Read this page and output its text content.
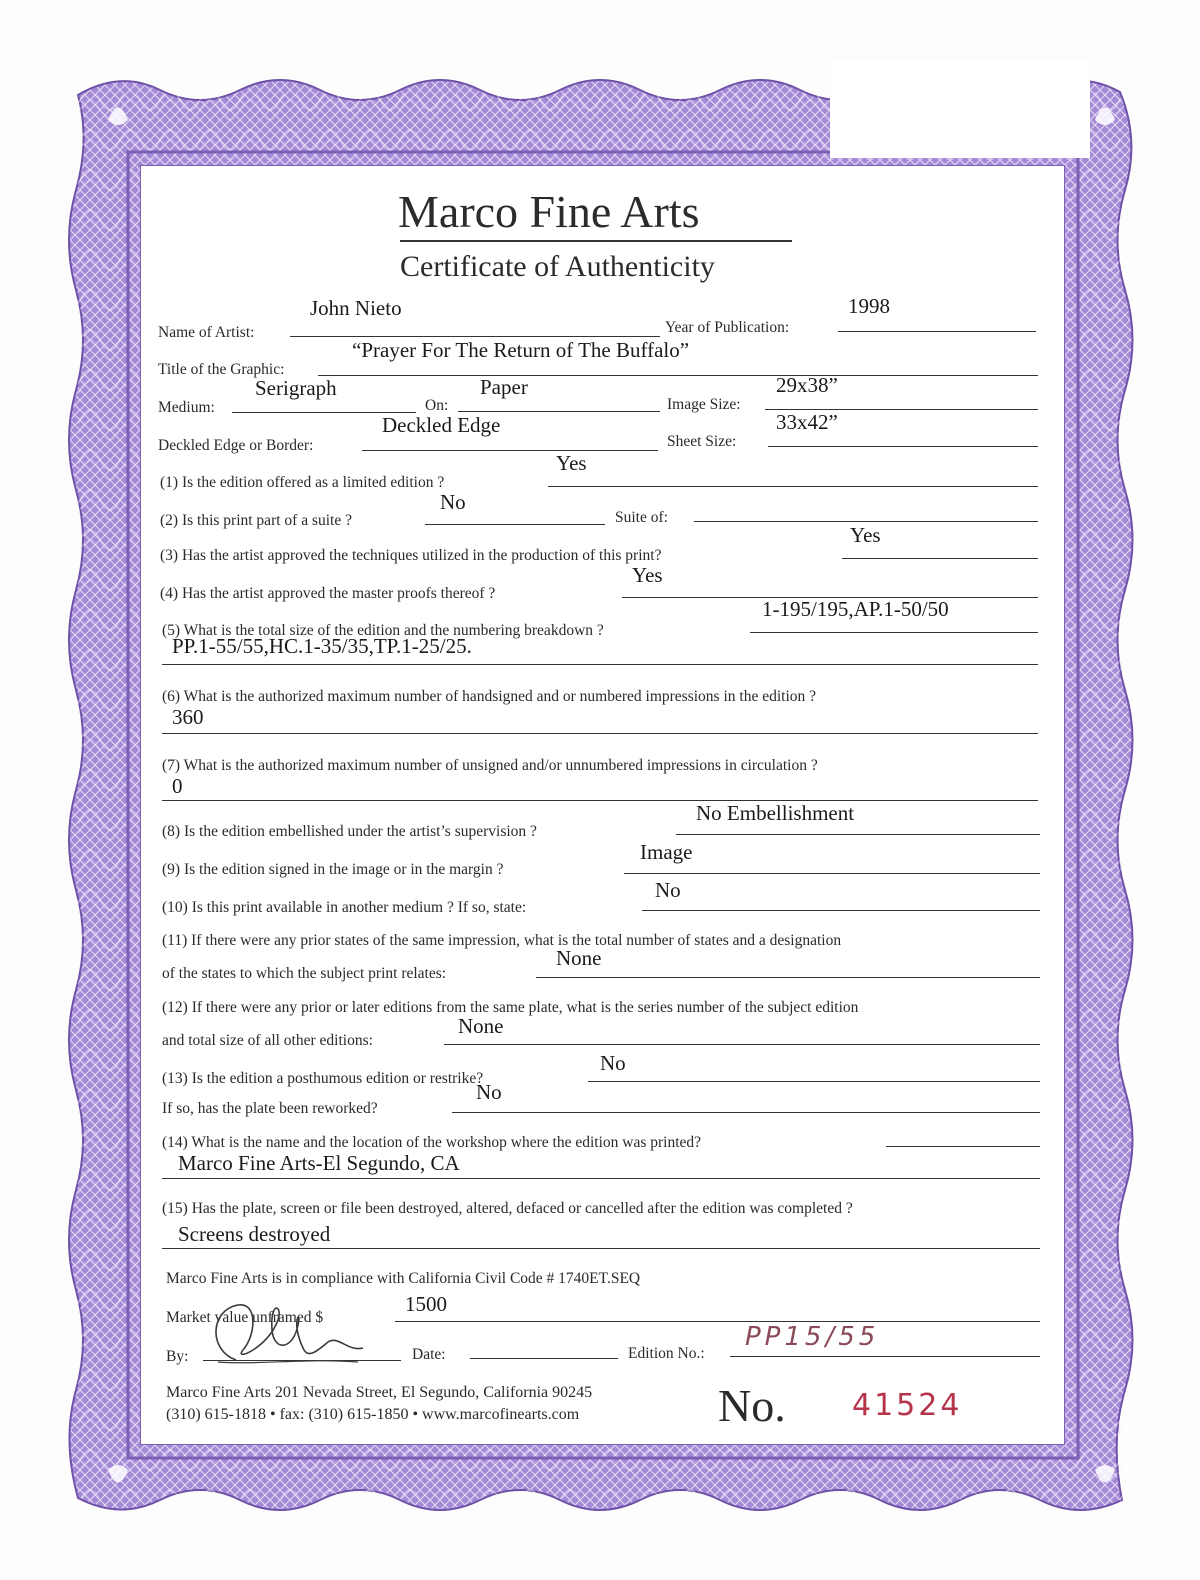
Marco Fine Arts
Certificate of Authenticity
Name of Artist:
John Nieto
Year of Publication:
1998
Title of the Graphic:
“Prayer For The Return of The Buffalo”
Medium:
Serigraph
On:
Paper
Image Size:
29x38”
Deckled Edge or Border:
Deckled Edge
Sheet Size:
33x42”
(1) Is the edition offered as a limited edition ?
Yes
(2) Is this print part of a suite ?
No
Suite of:
(3) Has the artist approved the techniques utilized in the production of this print?
Yes
(4) Has the artist approved the master proofs thereof ?
Yes
(5) What is the total size of the edition and the numbering breakdown ?
1-195/195,AP.1-50/50
PP.1-55/55,HC.1-35/35,TP.1-25/25.
(6) What is the authorized maximum number of handsigned and or numbered impressions in the edition ?
360
(7) What is the authorized maximum number of unsigned and/or unnumbered impressions in circulation ?
0
(8) Is the edition embellished under the artist’s supervision ?
No Embellishment
(9) Is the edition signed in the image or in the margin ?
Image
(10) Is this print available in another medium ? If so, state:
No
(11) If there were any prior states of the same impression, what is the total number of states and a designation
of the states to which the subject print relates:
None
(12) If there were any prior or later editions from the same plate, what is the series number of the subject edition
and total size of all other editions:
None
(13) Is the edition a posthumous edition or restrike?
No
If so, has the plate been reworked?
No
(14) What is the name and the location of the workshop where the edition was printed?
Marco Fine Arts-El Segundo, CA
(15) Has the plate, screen or file been destroyed, altered, defaced or cancelled after the edition was completed ?
Screens destroyed
Marco Fine Arts is in compliance with California Civil Code # 1740ET.SEQ
Market value unframed $
1500
By:	Date:	Edition No.:
PP15/55
Marco Fine Arts 201 Nevada Street, El Segundo, California 90245
(310) 615-1818 • fax: (310) 615-1850 • www.marcofinearts.com	No. 41524
